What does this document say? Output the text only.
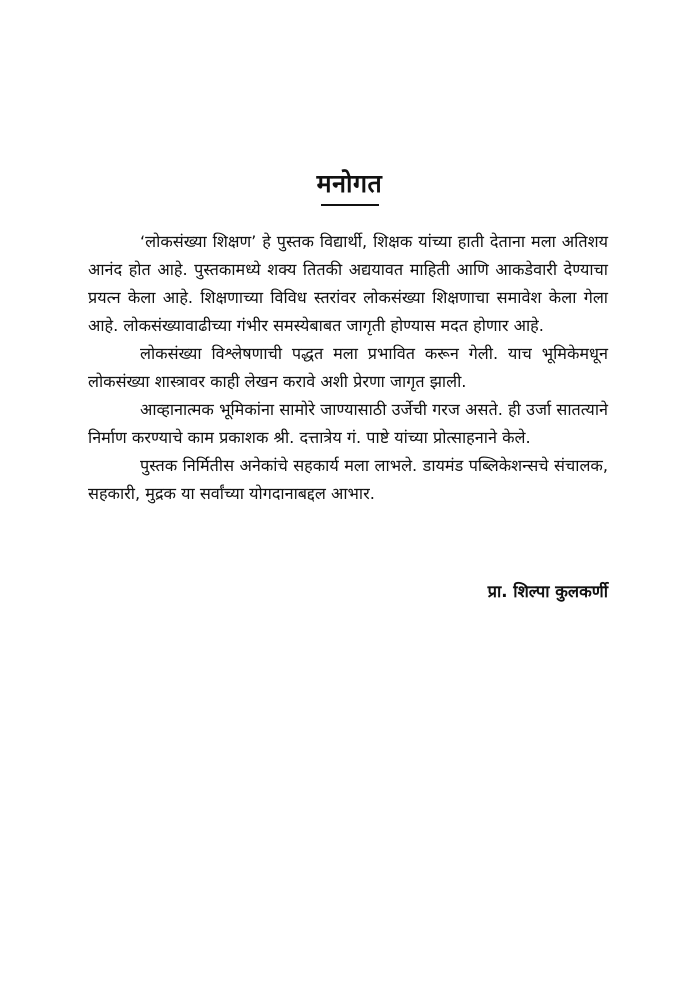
मनोगत

‘लोकसंख्या शिक्षण’ हे पुस्तक विद्यार्थी, शिक्षक यांच्या हाती देताना मला अतिशय आनंद होत आहे. पुस्तकामध्ये शक्य तितकी अद्ययावत माहिती आणि आकडेवारी देण्याचा प्रयत्न केला आहे. शिक्षणाच्या विविध स्तरांवर लोकसंख्या शिक्षणाचा समावेश केला गेला आहे. लोकसंख्यावाढीच्या गंभीर समस्येबाबत जागृती होण्यास मदत होणार आहे.

लोकसंख्या विश्लेषणाची पद्धत मला प्रभावित करून गेली. याच भूमिकेमधून लोकसंख्या शास्त्रावर काही लेखन करावे अशी प्रेरणा जागृत झाली.

आव्हानात्मक भूमिकांना सामोरे जाण्यासाठी उर्जेची गरज असते. ही उर्जा सातत्याने निर्माण करण्याचे काम प्रकाशक श्री. दत्तात्रेय गं. पाष्टे यांच्या प्रोत्साहनाने केले.

पुस्तक निर्मितीस अनेकांचे सहकार्य मला लाभले. डायमंड पब्लिकेशन्सचे संचालक, सहकारी, मुद्रक या सर्वांच्या योगदानाबद्दल आभार.

प्रा. शिल्पा कुलकर्णी
